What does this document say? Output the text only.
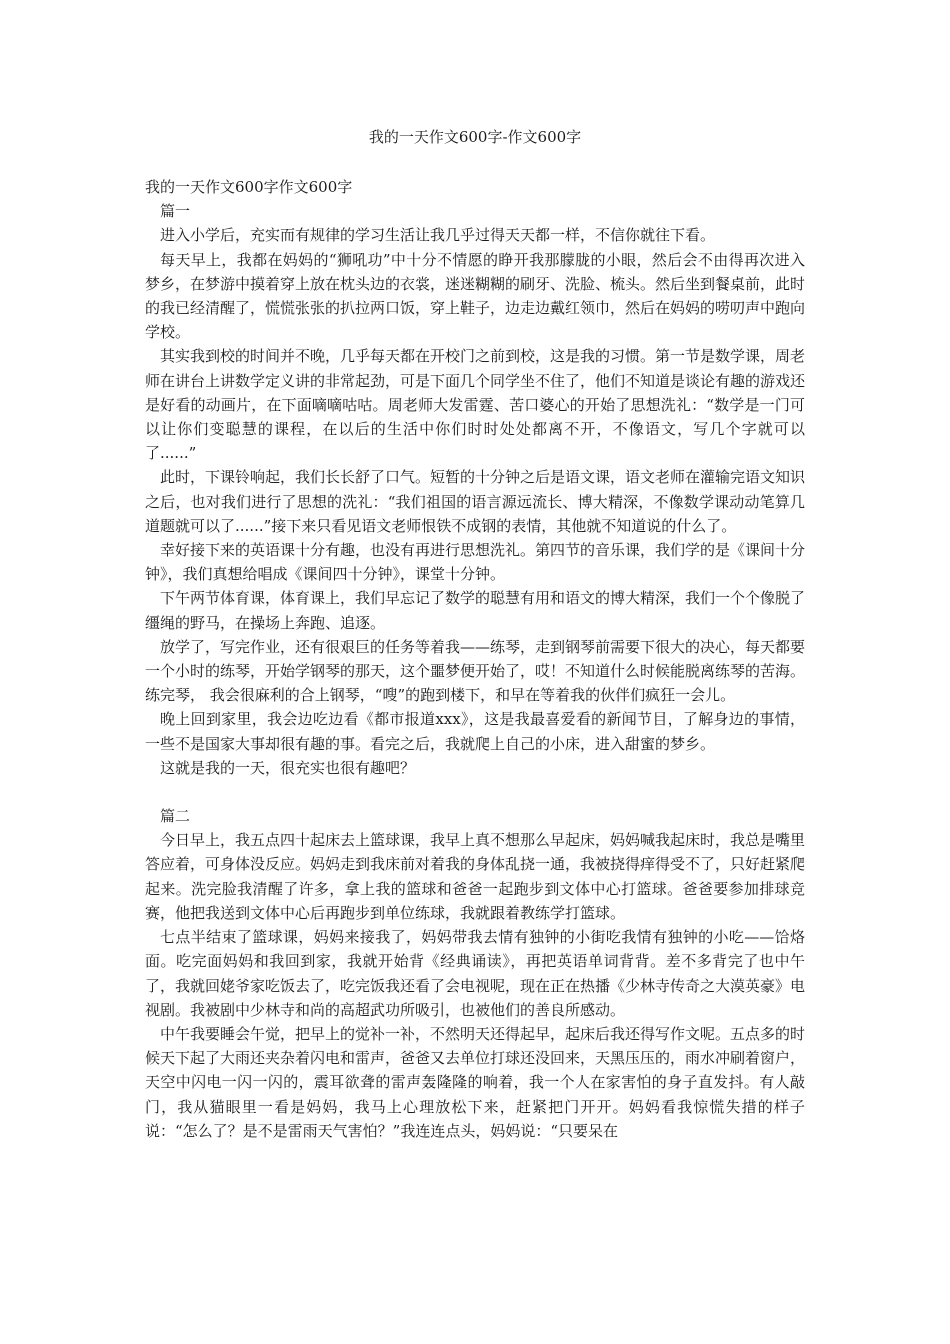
我的一天作文600字-作文600字

我的一天作文600字作文600字

篇一

进入小学后，充实而有规律的学习生活让我几乎过得天天都一样，不信你就往下看。

每天早上，我都在妈妈的“狮吼功”中十分不情愿的睁开我那朦胧的小眼，然后会不由得再次进入梦乡，在梦游中摸着穿上放在枕头边的衣裳，迷迷糊糊的刷牙、洗脸、梳头。然后坐到餐桌前，此时的我已经清醒了，慌慌张张的扒拉两口饭，穿上鞋子，边走边戴红领巾，然后在妈妈的唠叨声中跑向学校。

其实我到校的时间并不晚，几乎每天都在开校门之前到校，这是我的习惯。第一节是数学课，周老师在讲台上讲数学定义讲的非常起劲，可是下面几个同学坐不住了，他们不知道是谈论有趣的游戏还是好看的动画片，在下面嘀嘀咕咕。周老师大发雷霆、苦口婆心的开始了思想洗礼：“数学是一门可以让你们变聪慧的课程，在以后的生活中你们时时处处都离不开，不像语文，写几个字就可以了......”

此时，下课铃响起，我们长长舒了口气。短暂的十分钟之后是语文课，语文老师在灌输完语文知识之后，也对我们进行了思想的洗礼：“我们祖国的语言源远流长、博大精深，不像数学课动动笔算几道题就可以了......”接下来只看见语文老师恨铁不成钢的表情，其他就不知道说的什么了。

幸好接下来的英语课十分有趣，也没有再进行思想洗礼。第四节的音乐课，我们学的是《课间十分钟》，我们真想给唱成《课间四十分钟》，课堂十分钟。

下午两节体育课，体育课上，我们早忘记了数学的聪慧有用和语文的博大精深，我们一个个像脱了缰绳的野马，在操场上奔跑、追逐。

放学了，写完作业，还有很艰巨的任务等着我——练琴，走到钢琴前需要下很大的决心，每天都要一个小时的练琴，开始学钢琴的那天，这个噩梦便开始了，哎！不知道什么时候能脱离练琴的苦海。练完琴， 我会很麻利的合上钢琴，“嗖”的跑到楼下，和早在等着我的伙伴们疯狂一会儿。

晚上回到家里，我会边吃边看《都市报道xxx》，这是我最喜爱看的新闻节目，了解身边的事情，一些不是国家大事却很有趣的事。看完之后，我就爬上自己的小床，进入甜蜜的梦乡。

这就是我的一天，很充实也很有趣吧？

篇二

今日早上，我五点四十起床去上篮球课，我早上真不想那么早起床，妈妈喊我起床时，我总是嘴里答应着，可身体没反应。妈妈走到我床前对着我的身体乱挠一通，我被挠得痒得受不了，只好赶紧爬起来。洗完脸我清醒了许多，拿上我的篮球和爸爸一起跑步到文体中心打篮球。爸爸要参加排球竞赛，他把我送到文体中心后再跑步到单位练球，我就跟着教练学打篮球。

七点半结束了篮球课，妈妈来接我了，妈妈带我去情有独钟的小街吃我情有独钟的小吃——饸烙面。吃完面妈妈和我回到家，我就开始背《经典诵读》，再把英语单词背背。差不多背完了也中午了，我就回姥爷家吃饭去了，吃完饭我还看了会电视呢，现在正在热播《少林寺传奇之大漠英豪》电视剧。我被剧中少林寺和尚的高超武功所吸引，也被他们的善良所感动。

中午我要睡会午觉，把早上的觉补一补，不然明天还得起早，起床后我还得写作文呢。五点多的时候天下起了大雨还夹杂着闪电和雷声，爸爸又去单位打球还没回来，天黑压压的，雨水冲刷着窗户，天空中闪电一闪一闪的，震耳欲聋的雷声轰隆隆的响着，我一个人在家害怕的身子直发抖。有人敲门，我从猫眼里一看是妈妈，我马上心理放松下来，赶紧把门开开。妈妈看我惊慌失措的样子说：“怎么了？是不是雷雨天气害怕？”我连连点头，妈妈说：“只要呆在
